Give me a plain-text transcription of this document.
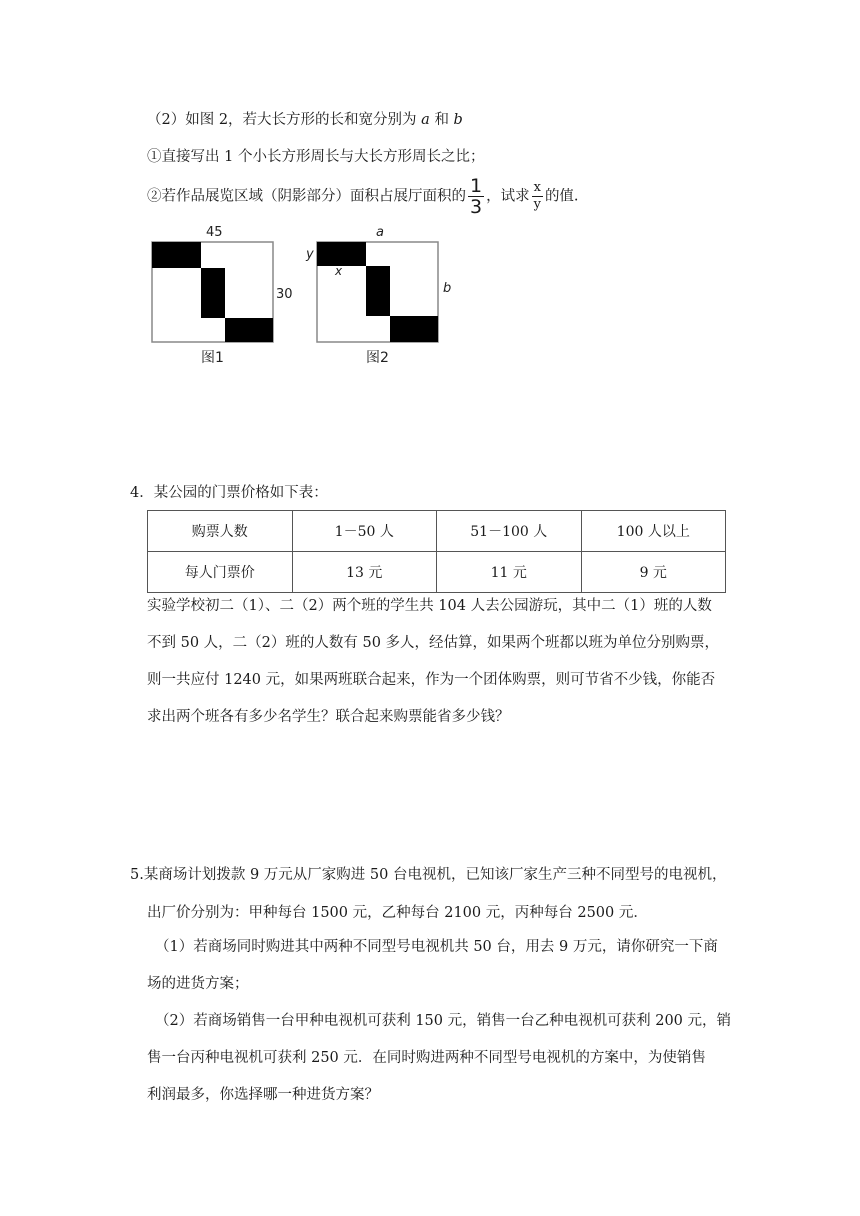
（2）如图 2，若大长方形的长和宽分别为 a 和 b
①直接写出 1 个小长方形周长与大长方形周长之比；
②若作品展览区域（阴影部分）面积占展厅面积的 $\frac{1}{3}$ ，试求 $\frac{x}{y}$ 的值.
45
30
图1
a
y
x
b
图2
4．某公园的门票价格如下表：
购票人数	1－50 人	51－100 人	100 人以上
每人门票价	13 元	11 元	9 元
实验学校初二（1）、二（2）两个班的学生共 104 人去公园游玩，其中二（1）班的人数
不到 50 人，二（2）班的人数有 50 多人，经估算，如果两个班都以班为单位分别购票，
则一共应付 1240 元，如果两班联合起来，作为一个团体购票，则可节省不少钱，你能否
求出两个班各有多少名学生？联合起来购票能省多少钱？
5.某商场计划拨款 9 万元从厂家购进 50 台电视机，已知该厂家生产三种不同型号的电视机，
出厂价分别为：甲种每台 1500 元，乙种每台 2100 元，丙种每台 2500 元．
（1）若商场同时购进其中两种不同型号电视机共 50 台，用去 9 万元，请你研究一下商
场的进货方案；
（2）若商场销售一台甲种电视机可获利 150 元，销售一台乙种电视机可获利 200 元，销
售一台丙种电视机可获利 250 元．在同时购进两种不同型号电视机的方案中，为使销售
利润最多，你选择哪一种进货方案？
